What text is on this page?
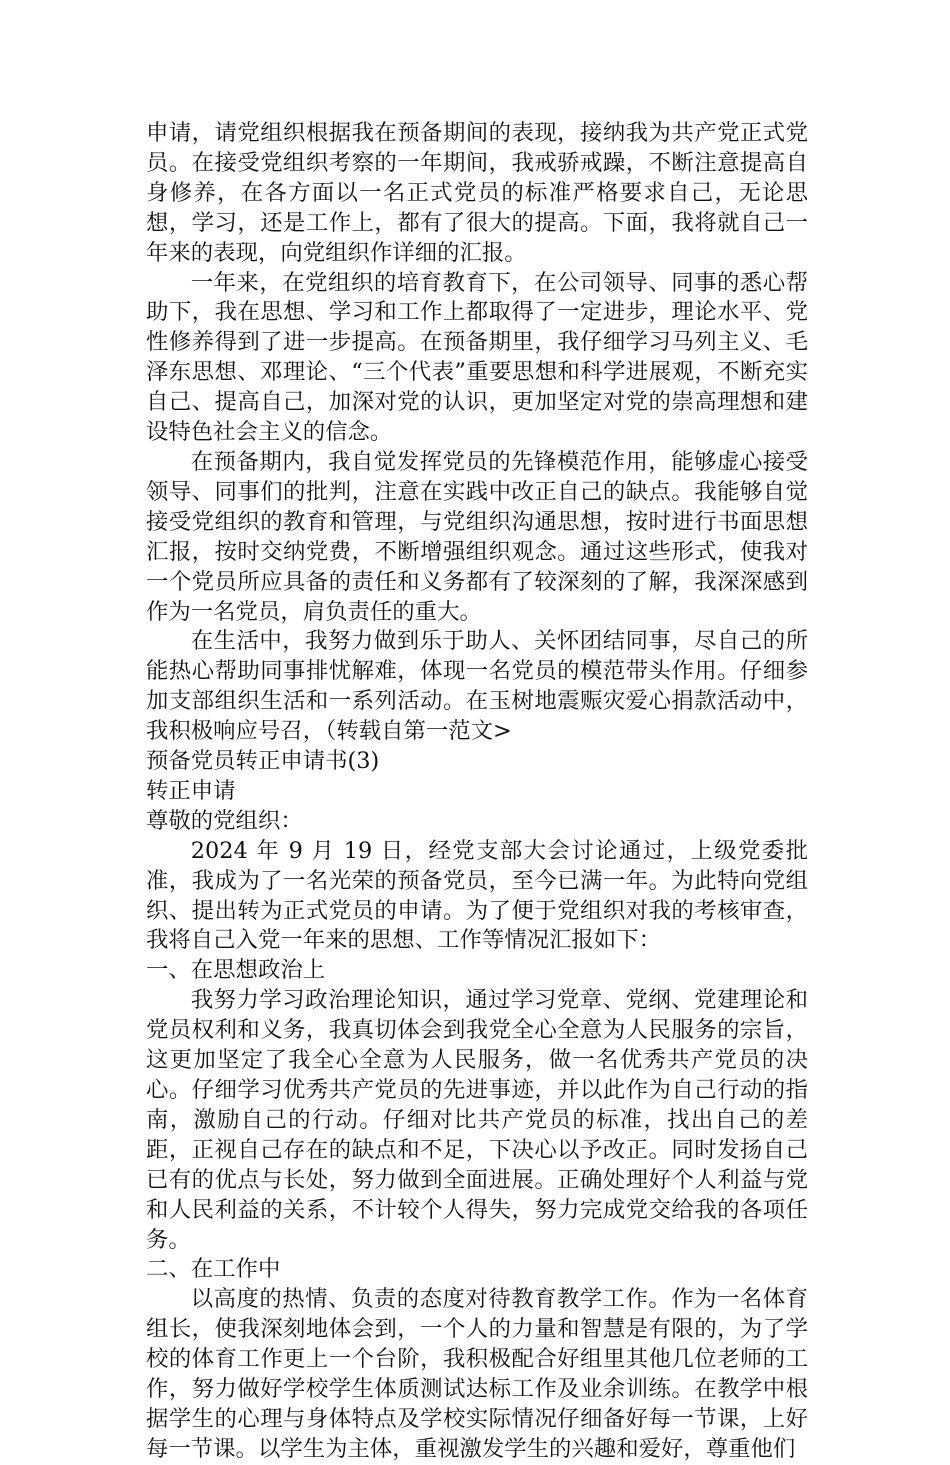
申请，请党组织根据我在预备期间的表现，接纳我为共产党正式党员。在接受党组织考察的一年期间，我戒骄戒躁，不断注意提高自身修养，在各方面以一名正式党员的标准严格要求自己，无论思想，学习，还是工作上，都有了很大的提高。下面，我将就自己一年来的表现，向党组织作详细的汇报。

一年来，在党组织的培育教育下，在公司领导、同事的悉心帮助下，我在思想、学习和工作上都取得了一定进步，理论水平、党性修养得到了进一步提高。在预备期里，我仔细学习马列主义、毛泽东思想、邓理论、“三个代表”重要思想和科学进展观，不断充实自己、提高自己，加深对党的认识，更加坚定对党的崇高理想和建设特色社会主义的信念。

在预备期内，我自觉发挥党员的先锋模范作用，能够虚心接受领导、同事们的批判，注意在实践中改正自己的缺点。我能够自觉接受党组织的教育和管理，与党组织沟通思想，按时进行书面思想汇报，按时交纳党费，不断增强组织观念。通过这些形式，使我对一个党员所应具备的责任和义务都有了较深刻的了解，我深深感到作为一名党员，肩负责任的重大。

在生活中，我努力做到乐于助人、关怀团结同事，尽自己的所能热心帮助同事排忧解难，体现一名党员的模范带头作用。仔细参加支部组织生活和一系列活动。在玉树地震赈灾爱心捐款活动中，我积极响应号召，（转载自第一范文>

预备党员转正申请书(3)

转正申请

尊敬的党组织：

2024 年 9 月 19 日，经党支部大会讨论通过，上级党委批准，我成为了一名光荣的预备党员，至今已满一年。为此特向党组织、提出转为正式党员的申请。为了便于党组织对我的考核审查，我将自己入党一年来的思想、工作等情况汇报如下：

一、在思想政治上

我努力学习政治理论知识，通过学习党章、党纲、党建理论和党员权利和义务，我真切体会到我党全心全意为人民服务的宗旨，这更加坚定了我全心全意为人民服务，做一名优秀共产党员的决心。仔细学习优秀共产党员的先进事迹，并以此作为自己行动的指南，激励自己的行动。仔细对比共产党员的标准，找出自己的差距，正视自己存在的缺点和不足，下决心以予改正。同时发扬自己已有的优点与长处，努力做到全面进展。正确处理好个人利益与党和人民利益的关系，不计较个人得失，努力完成党交给我的各项任务。

二、在工作中

以高度的热情、负责的态度对待教育教学工作。作为一名体育组长，使我深刻地体会到，一个人的力量和智慧是有限的，为了学校的体育工作更上一个台阶，我积极配合好组里其他几位老师的工作，努力做好学校学生体质测试达标工作及业余训练。在教学中根据学生的心理与身体特点及学校实际情况仔细备好每一节课，上好每一节课。以学生为主体，重视激发学生的兴趣和爱好，尊重他们
